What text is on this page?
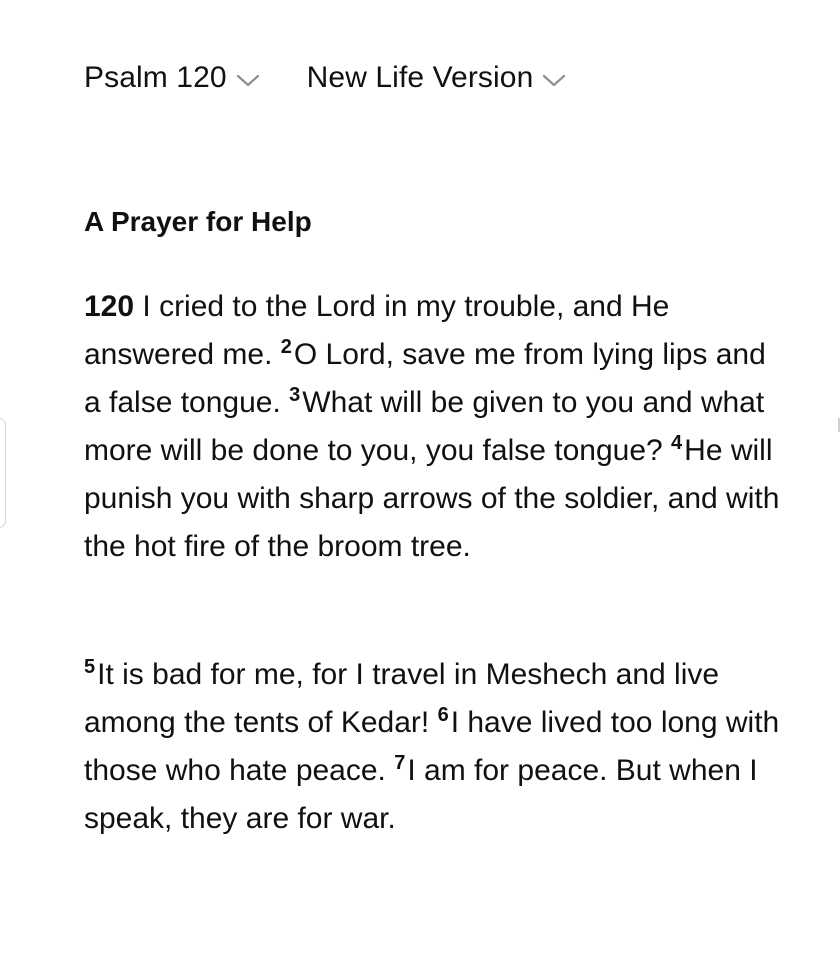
Psalm 120	New Life Version
A Prayer for Help

120 I cried to the Lord in my trouble, and He answered me. $^2$O Lord, save me from lying lips and a false tongue. $^3$What will be given to you and what more will be done to you, you false tongue? $^4$He will punish you with sharp arrows of the soldier, and with the hot fire of the broom tree.

$^5$It is bad for me, for I travel in Meshech and live among the tents of Kedar! $^6$I have lived too long with those who hate peace. $^7$I am for peace. But when I speak, they are for war.
